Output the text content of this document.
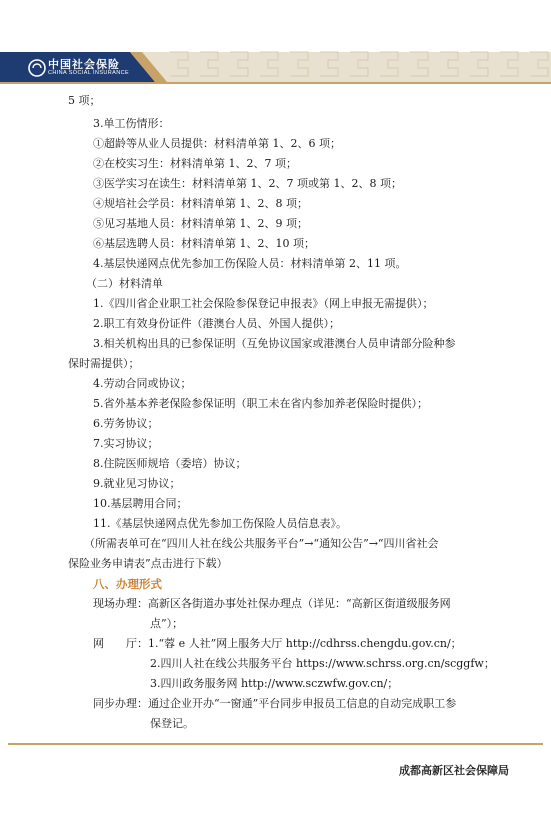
中国社会保险
CHINA SOCIAL INSURANCE
5 项；
3.单工伤情形：
①超龄等从业人员提供：材料清单第 1、2、6 项；
②在校实习生：材料清单第 1、2、7 项；
③医学实习在读生：材料清单第 1、2、7 项或第 1、2、8 项；
④规培社会学员：材料清单第 1、2、8 项；
⑤见习基地人员：材料清单第 1、2、9 项；
⑥基层选聘人员：材料清单第 1、2、10 项；
4.基层快递网点优先参加工伤保险人员：材料清单第 2、11 项。
（二）材料清单
1.《四川省企业职工社会保险参保登记申报表》（网上申报无需提供）；
2.职工有效身份证件（港澳台人员、外国人提供）；
3.相关机构出具的已参保证明（互免协议国家或港澳台人员申请部分险种参
保时需提供）；
4.劳动合同或协议；
5.省外基本养老保险参保证明（职工未在省内参加养老保险时提供）；
6.劳务协议；
7.实习协议；
8.住院医师规培（委培）协议；
9.就业见习协议；
10.基层聘用合同；
11.《基层快递网点优先参加工伤保险人员信息表》。
（所需表单可在“四川人社在线公共服务平台”→“通知公告”→“四川省社会
保险业务申请表”点击进行下载）
八、办理形式
现场办理：高新区各街道办事处社保办理点（详见：“高新区街道级服务网
点”）；
网　　厅：1.“蓉 e 人社”网上服务大厅 http://cdhrss.chengdu.gov.cn/；
2.四川人社在线公共服务平台 https://www.schrss.org.cn/scggfw；
3.四川政务服务网 http://www.sczwfw.gov.cn/；
同步办理：通过企业开办“一窗通”平台同步申报员工信息的自动完成职工参
保登记。
成都高新区社会保障局
